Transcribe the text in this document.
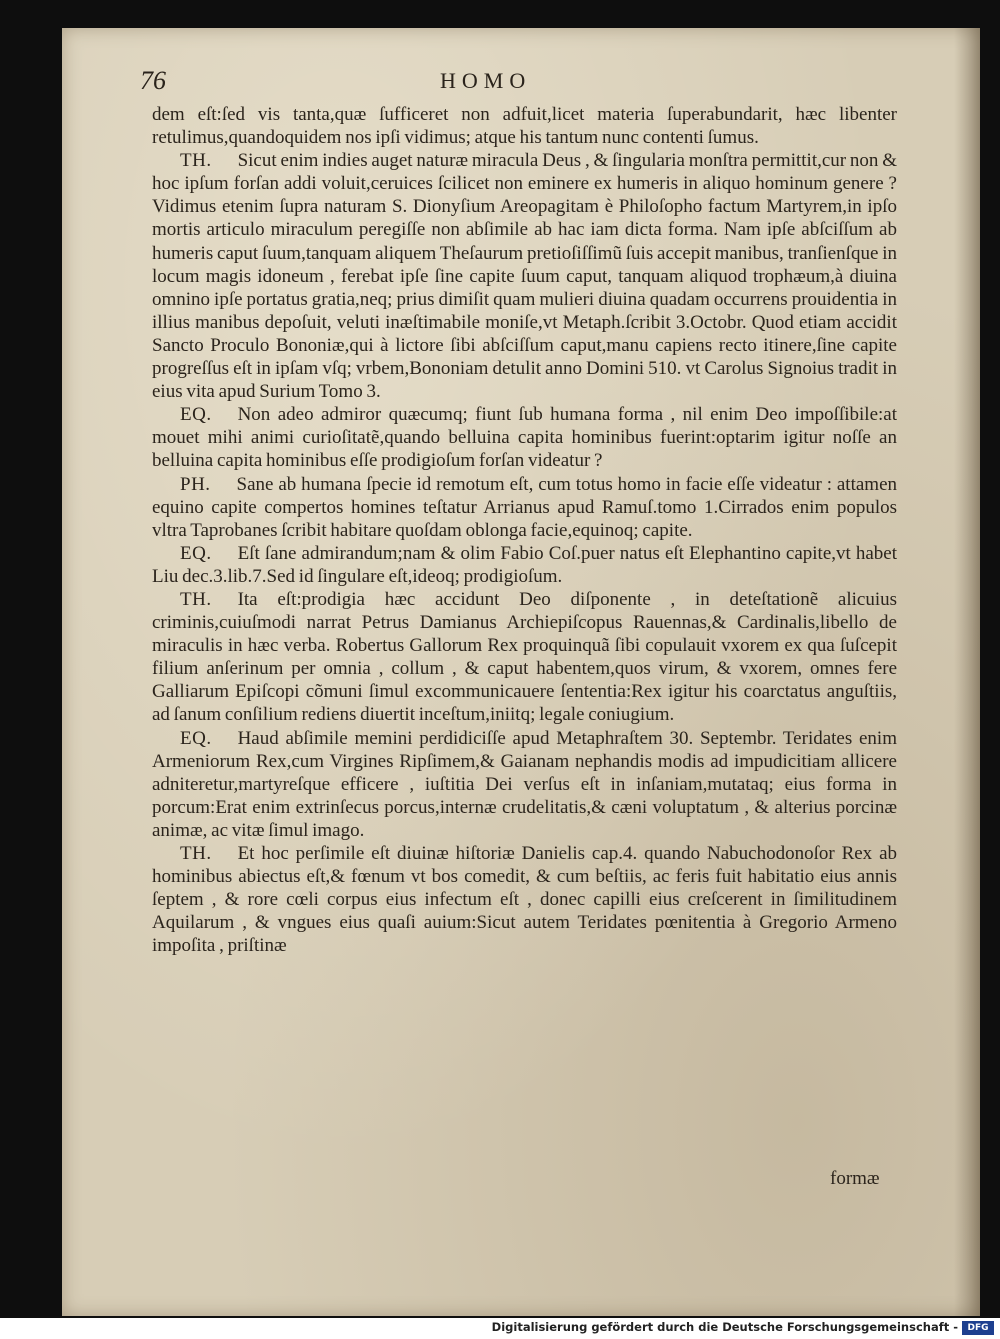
76	HOMO

dem eſt:ſed vis tanta,quæ ſufficeret non adfuit,licet materia ſuperabundarit, hæc libenter retulimus,quandoquidem nos ipſi vidimus; atque his tantum nunc contenti ſumus.

TH. Sicut enim indies auget naturæ miracula Deus , & ſingularia monſtra permittit,cur non & hoc ipſum forſan addi voluit,ceruices ſcilicet non eminere ex humeris in aliquo hominum genere ? Vidimus etenim ſupra naturam S. Dionyſium Areopagitam è Philoſopho factum Martyrem,in ipſo mortis articulo miraculum peregiſſe non abſimile ab hac iam dicta forma. Nam ipſe abſciſſum ab humeris caput ſuum,tanquam aliquem Theſaurum pretioſiſſimũ ſuis accepit manibus, tranſienſque in locum magis idoneum , ferebat ipſe ſine capite ſuum caput, tanquam aliquod trophæum,à diuina omnino ipſe portatus gratia,neq; prius dimiſit quam mulieri diuina quadam occurrens prouidentia in illius manibus depoſuit, veluti inæſtimabile moniſe,vt Metaph.ſcribit 3.Octobr. Quod etiam accidit Sancto Proculo Bononiæ,qui à lictore ſibi abſciſſum caput,manu capiens recto itinere,ſine capite progreſſus eſt in ipſam vſq; vrbem,Bononiam detulit anno Domini 510. vt Carolus Signoius tradit in eius vita apud Surium Tomo 3.

EQ. Non adeo admiror quæcumq; fiunt ſub humana forma , nil enim Deo impoſſibile:at mouet mihi animi curioſitatẽ,quando belluina capita hominibus fuerint:optarim igitur noſſe an belluina capita hominibus eſſe prodigioſum forſan videatur ?

PH. Sane ab humana ſpecie id remotum eſt, cum totus homo in facie eſſe videatur : attamen equino capite compertos homines teſtatur Arrianus apud Ramuſ.tomo 1.Cirrados enim populos vltra Taprobanes ſcribit habitare quoſdam oblonga facie,equinoq; capite.

EQ. Eſt ſane admirandum;nam & olim Fabio Coſ.puer natus eſt Elephantino capite,vt habet Liu dec.3.lib.7.Sed id ſingulare eſt,ideoq; prodigioſum.

TH. Ita eſt:prodigia hæc accidunt Deo diſponente , in deteſtationẽ alicuius criminis,cuiuſmodi narrat Petrus Damianus Archiepiſcopus Rauennas,& Cardinalis,libello de miraculis in hæc verba. Robertus Gallorum Rex proquinquã ſibi copulauit vxorem ex qua ſuſcepit filium anſerinum per omnia , collum , & caput habentem,quos virum, & vxorem, omnes fere Galliarum Epiſcopi cõmuni ſimul excommunicauere ſententia:Rex igitur his coarctatus anguſtiis, ad ſanum conſilium rediens diuertit inceſtum,iniitq; legale coniugium.

EQ. Haud abſimile memini perdidiciſſe apud Metaphraſtem 30. Septembr. Teridates enim Armeniorum Rex,cum Virgines Ripſimem,& Gaianam nephandis modis ad impudicitiam allicere adniteretur,martyreſque efficere , iuſtitia Dei verſus eſt in inſaniam,mutataq; eius forma in porcum:Erat enim extrinſecus porcus,internæ crudelitatis,& cæni voluptatum , & alterius porcinæ animæ, ac vitæ ſimul imago.

TH. Et hoc perſimile eſt diuinæ hiſtoriæ Danielis cap.4. quando Nabuchodonoſor Rex ab hominibus abiectus eſt,& fœnum vt bos comedit, & cum beſtiis, ac feris fuit habitatio eius annis ſeptem , & rore cœli corpus eius infectum eſt , donec capilli eius creſcerent in ſimilitudinem Aquilarum , & vngues eius quaſi auium:Sicut autem Teridates pœnitentia à Gregorio Armeno impoſita , priſtinæ

formæ
Digitalisierung gefördert durch die Deutsche Forschungsgemeinschaft -	DFG
